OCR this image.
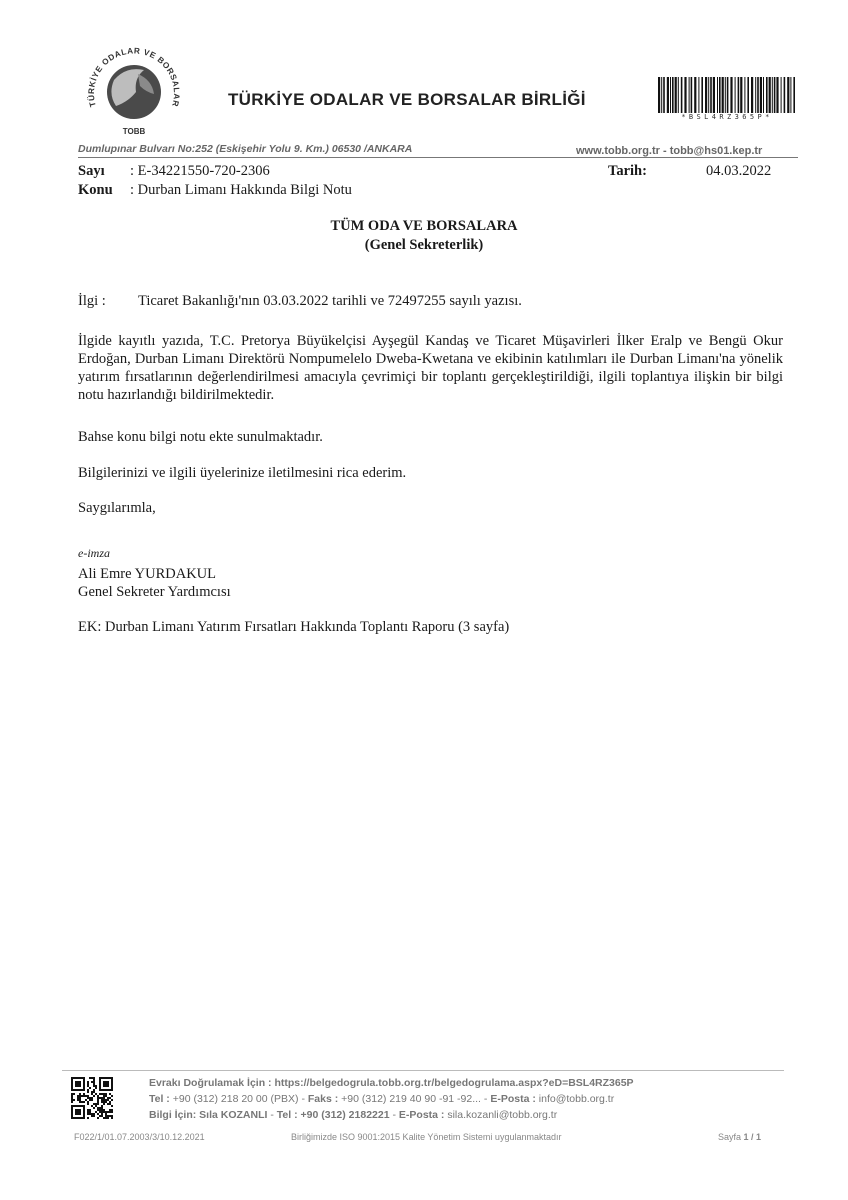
TÜRKİYE ODALAR VE BORSALAR
TOBB
TÜRKİYE ODALAR VE BORSALAR BİRLİĞİ
*BSL4RZ365P*
Dumlupınar Bulvarı No:252 (Eskişehir Yolu 9. Km.) 06530 /ANKARA	www.tobb.org.tr - tobb@hs01.kep.tr
Sayı : E-34221550-720-2306
Konu : Durban Limanı Hakkında Bilgi Notu
Tarih:	04.03.2022
TÜM ODA VE BORSALARA
(Genel Sekreterlik)
İlgi : Ticaret Bakanlığı'nın 03.03.2022 tarihli ve 72497255 sayılı yazısı.
İlgide kayıtlı yazıda, T.C. Pretorya Büyükelçisi Ayşegül Kandaş ve Ticaret Müşavirleri İlker Eralp ve Bengü Okur Erdoğan, Durban Limanı Direktörü Nompumelelo Dweba-Kwetana ve ekibinin katılımları ile Durban Limanı'na yönelik yatırım fırsatlarının değerlendirilmesi amacıyla çevrimiçi bir toplantı gerçekleştirildiği, ilgili toplantıya ilişkin bir bilgi notu hazırlandığı bildirilmektedir.
Bahse konu bilgi notu ekte sunulmaktadır.
Bilgilerinizi ve ilgili üyelerinize iletilmesini rica ederim.
Saygılarımla,
e-imza
Ali Emre YURDAKUL
Genel Sekreter Yardımcısı
EK: Durban Limanı Yatırım Fırsatları Hakkında Toplantı Raporu (3 sayfa)
Evrakı Doğrulamak İçin : https://belgedogrula.tobb.org.tr/belgedogrulama.aspx?eD=BSL4RZ365P
Tel : +90 (312) 218 20 00 (PBX) - Faks : +90 (312) 219 40 90 -91 -92... - E-Posta : info@tobb.org.tr
Bilgi İçin: Sıla KOZANLI - Tel : +90 (312) 2182221 - E-Posta : sila.kozanli@tobb.org.tr
F022/1/01.07.2003/3/10.12.2021	Birliğimizde ISO 9001:2015 Kalite Yönetim Sistemi uygulanmaktadır	Sayfa 1 / 1
